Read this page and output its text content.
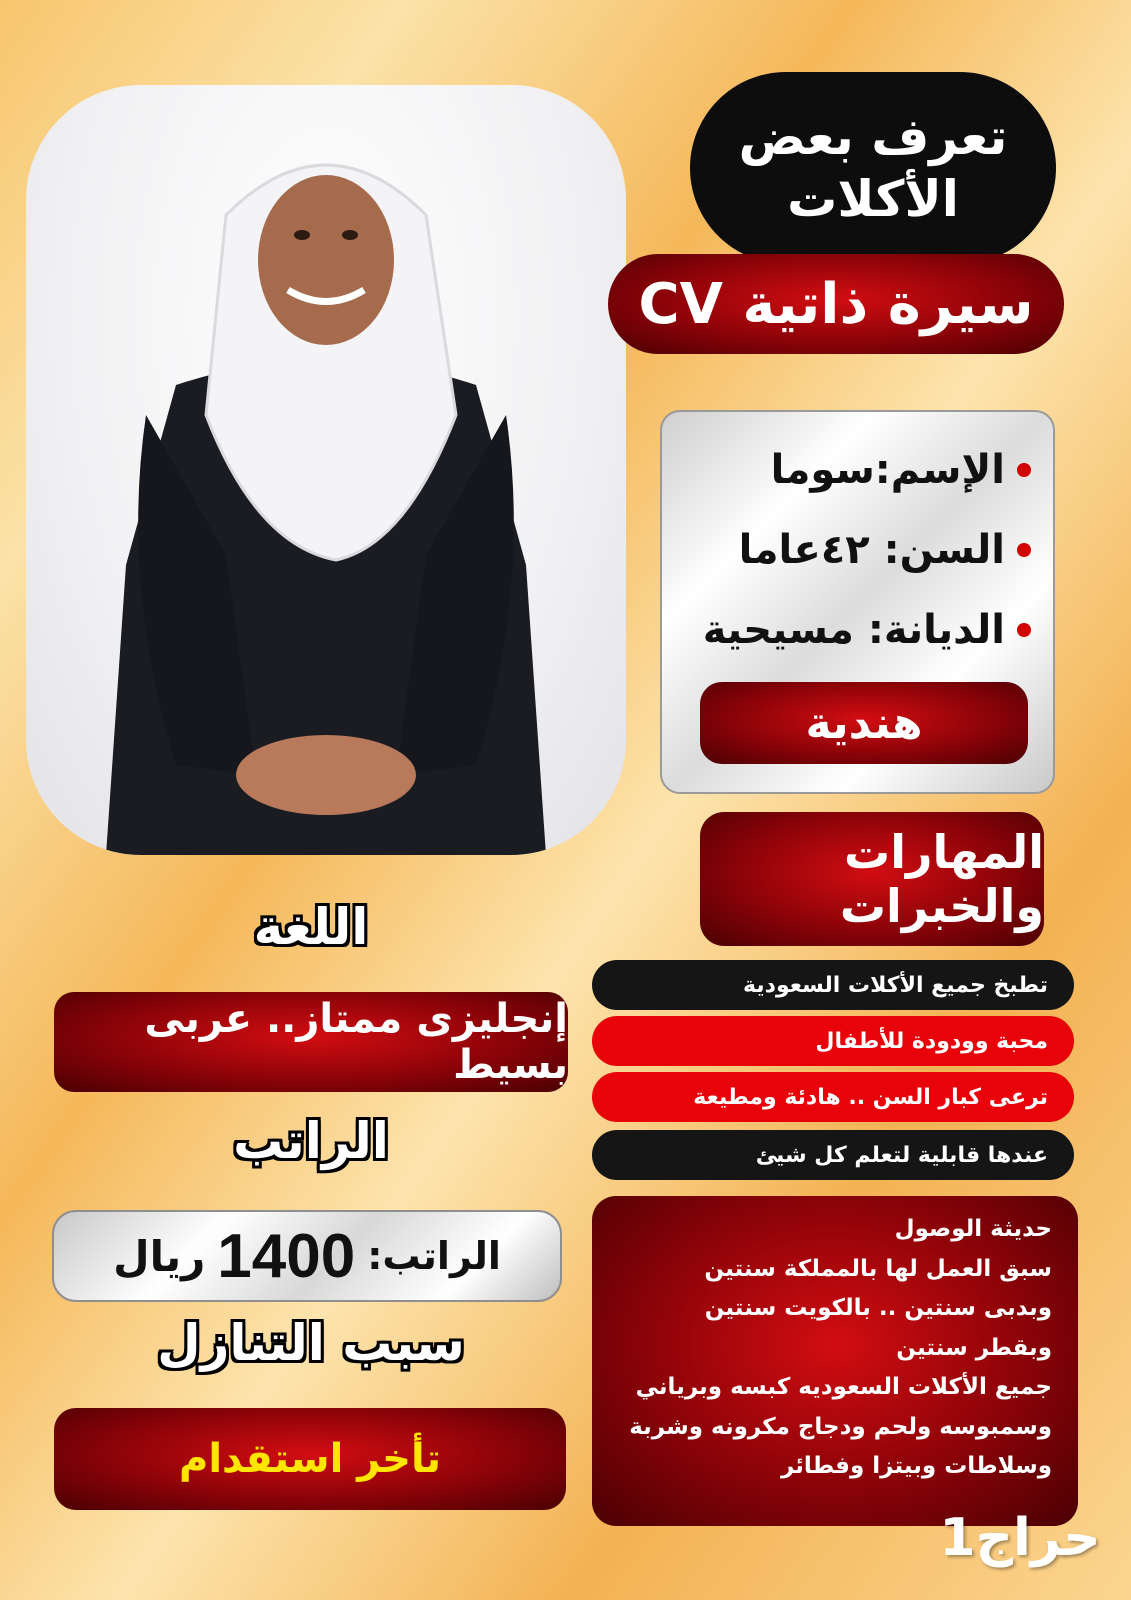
تعرف بعض
الأكلات
سيرة ذاتية CV
الإسم:سوما
السن: ٤٢عاما
الديانة: مسيحية
هندية
المهارات والخبرات
تطبخ جميع الأكلات السعودية
محبة وودودة للأطفال
ترعى كبار السن .. هادئة ومطيعة
عندها قابلية لتعلم كل شيئ
حديثة الوصول
سبق العمل لها بالمملكة سنتين
وبدبى سنتين .. بالكويت سنتين
وبقطر سنتين
جميع الأكلات السعوديه كبسه وبرياني
وسمبوسه ولحم ودجاج مكرونه وشربة
وسلاطات وبيتزا وفطائر
اللغة
إنجليزى ممتاز.. عربى بسيط
الراتب
الراتب:
1400
ريال
سبب التنازل
تأخر استقدام
حراج1
